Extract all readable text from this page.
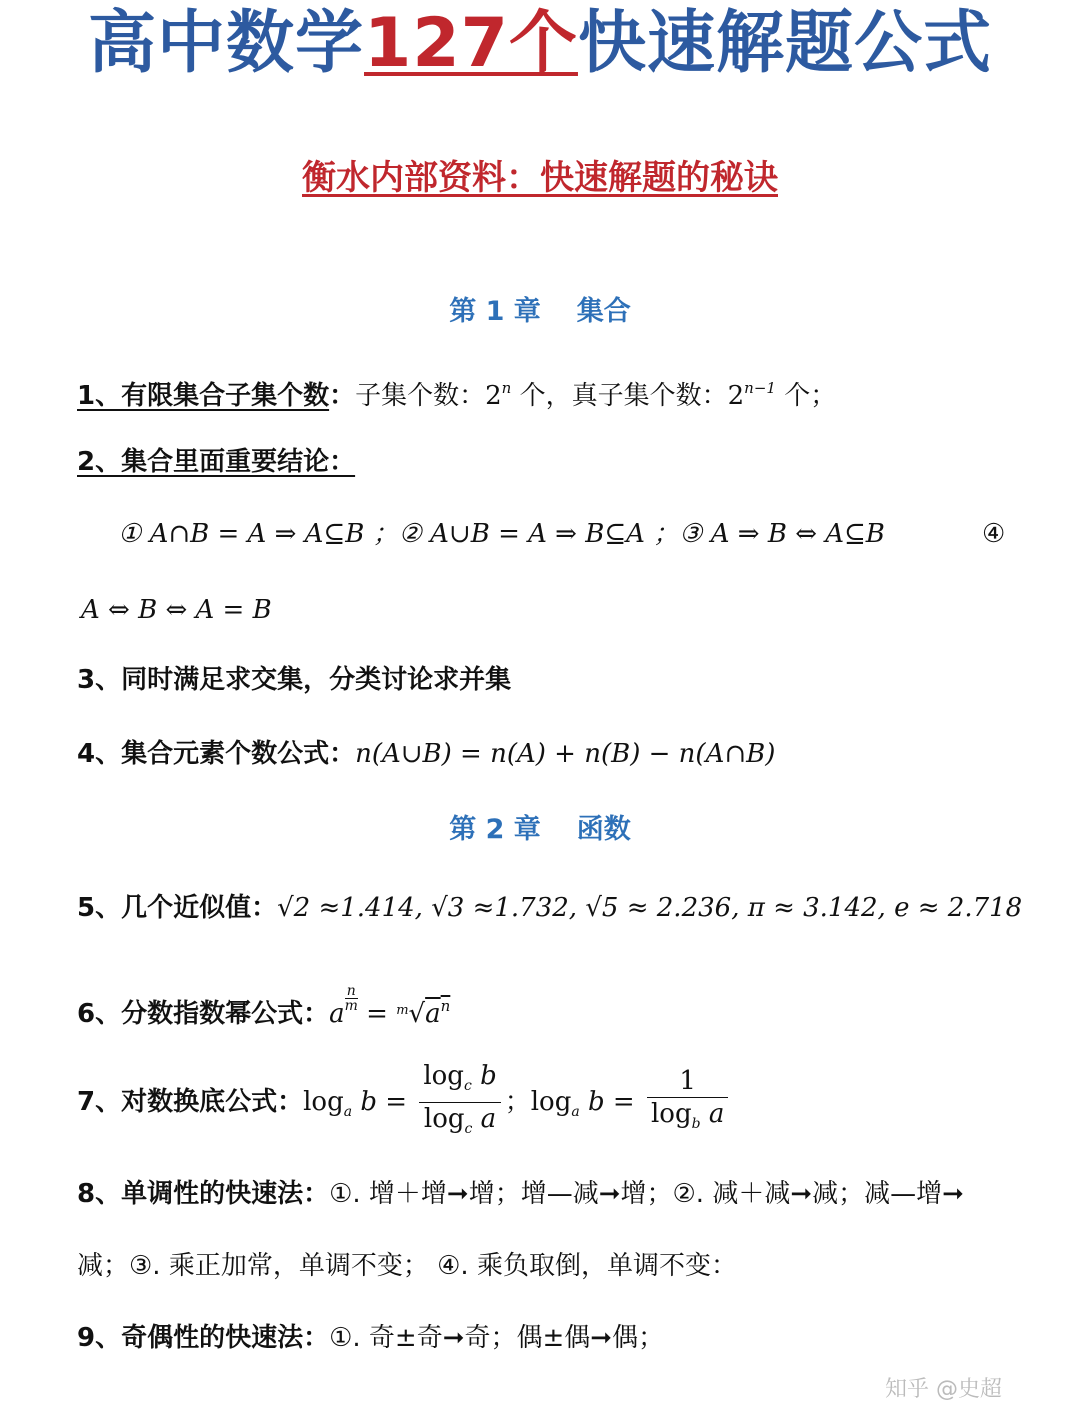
高中数学127个快速解题公式
衡水内部资料：快速解题的秘诀
第 1 章 集合
1、有限集合子集个数：子集个数：2$^n$ 个，真子集个数：$2^{n-1}$ 个；
2、集合里面重要结论：
① A∩B = A ⇒ A⊆B ；② A∪B = A ⇒ B⊆A ；③ A ⇒ B ⇔ A⊆B	④
A ⇔ B ⇔ A = B
3、同时满足求交集，分类讨论求并集
4、集合元素个数公式：n(A∪B) = n(A) + n(B) − n(A∩B)
第 2 章 函数
5、几个近似值：√2 ≈1.414, √3 ≈1.732, √5 ≈ 2.236, π ≈ 3.142, e ≈ 2.718
6、分数指数幂公式：a
$\frac{n}{m}$
= $^m√a^n$
7、对数换底公式：$\log_a b = \frac{\log_c b}{\log_c a}$ ；$\log_a b = \frac{1}{\log_b a}$
8、单调性的快速法：①. 增＋增➞增；增—减➞增；②. 减＋减➞减；减—增➞
减；③. 乘正加常，单调不变； ④. 乘负取倒，单调不变：
9、奇偶性的快速法：①. 奇±奇➞奇；偶±偶➞偶；
知乎 @史超
